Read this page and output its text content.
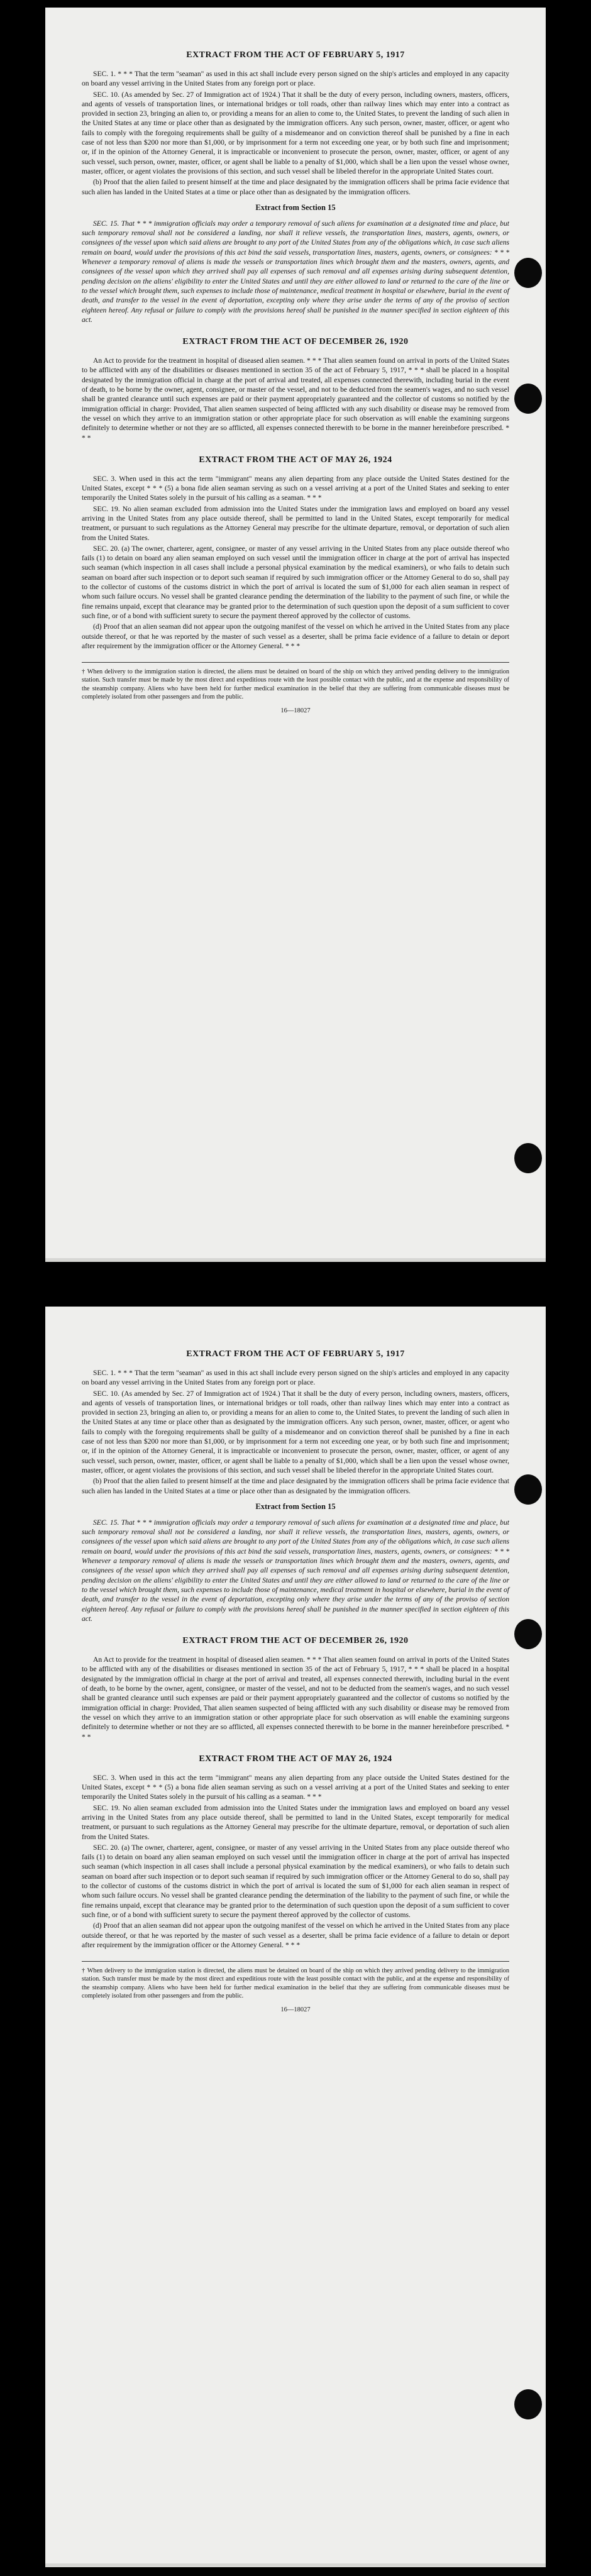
EXTRACT FROM THE ACT OF FEBRUARY 5, 1917

SEC. 1. * * * That the term "seaman" as used in this act shall include every person signed on the ship's articles and employed in any capacity on board any vessel arriving in the United States from any foreign port or place.

SEC. 10. (As amended by Sec. 27 of Immigration act of 1924.) That it shall be the duty of every person, including owners, masters, officers, and agents of vessels of transportation lines, or international bridges or toll roads, other than railway lines which may enter into a contract as provided in section 23, bringing an alien to, or providing a means for an alien to come to, the United States, to prevent the landing of such alien in the United States at any time or place other than as designated by the immigration officers. Any such person, owner, master, officer, or agent who fails to comply with the foregoing requirements shall be guilty of a misdemeanor and on conviction thereof shall be punished by a fine in each case of not less than $200 nor more than $1,000, or by imprisonment for a term not exceeding one year, or by both such fine and imprisonment; or, if in the opinion of the Attorney General, it is impracticable or inconvenient to prosecute the person, owner, master, officer, or agent of any such vessel, such person, owner, master, officer, or agent shall be liable to a penalty of $1,000, which shall be a lien upon the vessel whose owner, master, officer, or agent violates the provisions of this section, and such vessel shall be libeled therefor in the appropriate United States court.

(b) Proof that the alien failed to present himself at the time and place designated by the immigration officers shall be prima facie evidence that such alien has landed in the United States at a time or place other than as designated by the immigration officers.

Extract from Section 15

SEC. 15. That * * * immigration officials may order a temporary removal of such aliens for examination at a designated time and place, but such temporary removal shall not be considered a landing, nor shall it relieve vessels, the transportation lines, masters, agents, owners, or consignees of the vessel upon which said aliens are brought to any port of the United States from any of the obligations which, in case such aliens remain on board, would under the provisions of this act bind the said vessels, transportation lines, masters, agents, owners, or consignees: * * * Whenever a temporary removal of aliens is made the vessels or transportation lines which brought them and the masters, owners, agents, and consignees of the vessel upon which they arrived shall pay all expenses of such removal and all expenses arising during subsequent detention, pending decision on the aliens' eligibility to enter the United States and until they are either allowed to land or returned to the care of the line or to the vessel which brought them, such expenses to include those of maintenance, medical treatment in hospital or elsewhere, burial in the event of death, and transfer to the vessel in the event of deportation, excepting only where they arise under the terms of any of the proviso of section eighteen hereof. Any refusal or failure to comply with the provisions hereof shall be punished in the manner specified in section eighteen of this act.

EXTRACT FROM THE ACT OF DECEMBER 26, 1920

An Act to provide for the treatment in hospital of diseased alien seamen. * * * That alien seamen found on arrival in ports of the United States to be afflicted with any of the disabilities or diseases mentioned in section 35 of the act of February 5, 1917, * * * shall be placed in a hospital designated by the immigration official in charge at the port of arrival and treated, all expenses connected therewith, including burial in the event of death, to be borne by the owner, agent, consignee, or master of the vessel, and not to be deducted from the seamen's wages, and no such vessel shall be granted clearance until such expenses are paid or their payment appropriately guaranteed and the collector of customs so notified by the immigration official in charge: Provided, That alien seamen suspected of being afflicted with any such disability or disease may be removed from the vessel on which they arrive to an immigration station or other appropriate place for such observation as will enable the examining surgeons definitely to determine whether or not they are so afflicted, all expenses connected therewith to be borne in the manner hereinbefore prescribed. * * *

EXTRACT FROM THE ACT OF MAY 26, 1924

SEC. 3. When used in this act the term "immigrant" means any alien departing from any place outside the United States destined for the United States, except * * * (5) a bona fide alien seaman serving as such on a vessel arriving at a port of the United States and seeking to enter temporarily the United States solely in the pursuit of his calling as a seaman. * * *

SEC. 19. No alien seaman excluded from admission into the United States under the immigration laws and employed on board any vessel arriving in the United States from any place outside thereof, shall be permitted to land in the United States, except temporarily for medical treatment, or pursuant to such regulations as the Attorney General may prescribe for the ultimate departure, removal, or deportation of such alien from the United States.

SEC. 20. (a) The owner, charterer, agent, consignee, or master of any vessel arriving in the United States from any place outside thereof who fails (1) to detain on board any alien seaman employed on such vessel until the immigration officer in charge at the port of arrival has inspected such seaman (which inspection in all cases shall include a personal physical examination by the medical examiners), or who fails to detain such seaman on board after such inspection or to deport such seaman if required by such immigration officer or the Attorney General to do so, shall pay to the collector of customs of the customs district in which the port of arrival is located the sum of $1,000 for each alien seaman in respect of whom such failure occurs. No vessel shall be granted clearance pending the determination of the liability to the payment of such fine, or while the fine remains unpaid, except that clearance may be granted prior to the determination of such question upon the deposit of a sum sufficient to cover such fine, or of a bond with sufficient surety to secure the payment thereof approved by the collector of customs.

(d) Proof that an alien seaman did not appear upon the outgoing manifest of the vessel on which he arrived in the United States from any place outside thereof, or that he was reported by the master of such vessel as a deserter, shall be prima facie evidence of a failure to detain or deport after requirement by the immigration officer or the Attorney General. * * *

† When delivery to the immigration station is directed, the aliens must be detained on board of the ship on which they arrived pending delivery to the immigration station. Such transfer must be made by the most direct and expeditious route with the least possible contact with the public, and at the expense and responsibility of the steamship company. Aliens who have been held for further medical examination in the belief that they are suffering from communicable diseases must be completely isolated from other passengers and from the public.
16—18027
EXTRACT FROM THE ACT OF FEBRUARY 5, 1917

SEC. 1. * * * That the term "seaman" as used in this act shall include every person signed on the ship's articles and employed in any capacity on board any vessel arriving in the United States from any foreign port or place.

SEC. 10. (As amended by Sec. 27 of Immigration act of 1924.) That it shall be the duty of every person, including owners, masters, officers, and agents of vessels of transportation lines, or international bridges or toll roads, other than railway lines which may enter into a contract as provided in section 23, bringing an alien to, or providing a means for an alien to come to, the United States, to prevent the landing of such alien in the United States at any time or place other than as designated by the immigration officers. Any such person, owner, master, officer, or agent who fails to comply with the foregoing requirements shall be guilty of a misdemeanor and on conviction thereof shall be punished by a fine in each case of not less than $200 nor more than $1,000, or by imprisonment for a term not exceeding one year, or by both such fine and imprisonment; or, if in the opinion of the Attorney General, it is impracticable or inconvenient to prosecute the person, owner, master, officer, or agent of any such vessel, such person, owner, master, officer, or agent shall be liable to a penalty of $1,000, which shall be a lien upon the vessel whose owner, master, officer, or agent violates the provisions of this section, and such vessel shall be libeled therefor in the appropriate United States court.

(b) Proof that the alien failed to present himself at the time and place designated by the immigration officers shall be prima facie evidence that such alien has landed in the United States at a time or place other than as designated by the immigration officers.

Extract from Section 15

SEC. 15. That * * * immigration officials may order a temporary removal of such aliens for examination at a designated time and place, but such temporary removal shall not be considered a landing, nor shall it relieve vessels, the transportation lines, masters, agents, owners, or consignees of the vessel upon which said aliens are brought to any port of the United States from any of the obligations which, in case such aliens remain on board, would under the provisions of this act bind the said vessels, transportation lines, masters, agents, owners, or consignees: * * * Whenever a temporary removal of aliens is made the vessels or transportation lines which brought them and the masters, owners, agents, and consignees of the vessel upon which they arrived shall pay all expenses of such removal and all expenses arising during subsequent detention, pending decision on the aliens' eligibility to enter the United States and until they are either allowed to land or returned to the care of the line or to the vessel which brought them, such expenses to include those of maintenance, medical treatment in hospital or elsewhere, burial in the event of death, and transfer to the vessel in the event of deportation, excepting only where they arise under the terms of any of the proviso of section eighteen hereof. Any refusal or failure to comply with the provisions hereof shall be punished in the manner specified in section eighteen of this act.

EXTRACT FROM THE ACT OF DECEMBER 26, 1920

An Act to provide for the treatment in hospital of diseased alien seamen. * * * That alien seamen found on arrival in ports of the United States to be afflicted with any of the disabilities or diseases mentioned in section 35 of the act of February 5, 1917, * * * shall be placed in a hospital designated by the immigration official in charge at the port of arrival and treated, all expenses connected therewith, including burial in the event of death, to be borne by the owner, agent, consignee, or master of the vessel, and not to be deducted from the seamen's wages, and no such vessel shall be granted clearance until such expenses are paid or their payment appropriately guaranteed and the collector of customs so notified by the immigration official in charge: Provided, That alien seamen suspected of being afflicted with any such disability or disease may be removed from the vessel on which they arrive to an immigration station or other appropriate place for such observation as will enable the examining surgeons definitely to determine whether or not they are so afflicted, all expenses connected therewith to be borne in the manner hereinbefore prescribed. * * *

EXTRACT FROM THE ACT OF MAY 26, 1924

SEC. 3. When used in this act the term "immigrant" means any alien departing from any place outside the United States destined for the United States, except * * * (5) a bona fide alien seaman serving as such on a vessel arriving at a port of the United States and seeking to enter temporarily the United States solely in the pursuit of his calling as a seaman. * * *

SEC. 19. No alien seaman excluded from admission into the United States under the immigration laws and employed on board any vessel arriving in the United States from any place outside thereof, shall be permitted to land in the United States, except temporarily for medical treatment, or pursuant to such regulations as the Attorney General may prescribe for the ultimate departure, removal, or deportation of such alien from the United States.

SEC. 20. (a) The owner, charterer, agent, consignee, or master of any vessel arriving in the United States from any place outside thereof who fails (1) to detain on board any alien seaman employed on such vessel until the immigration officer in charge at the port of arrival has inspected such seaman (which inspection in all cases shall include a personal physical examination by the medical examiners), or who fails to detain such seaman on board after such inspection or to deport such seaman if required by such immigration officer or the Attorney General to do so, shall pay to the collector of customs of the customs district in which the port of arrival is located the sum of $1,000 for each alien seaman in respect of whom such failure occurs. No vessel shall be granted clearance pending the determination of the liability to the payment of such fine, or while the fine remains unpaid, except that clearance may be granted prior to the determination of such question upon the deposit of a sum sufficient to cover such fine, or of a bond with sufficient surety to secure the payment thereof approved by the collector of customs.

(d) Proof that an alien seaman did not appear upon the outgoing manifest of the vessel on which he arrived in the United States from any place outside thereof, or that he was reported by the master of such vessel as a deserter, shall be prima facie evidence of a failure to detain or deport after requirement by the immigration officer or the Attorney General. * * *

† When delivery to the immigration station is directed, the aliens must be detained on board of the ship on which they arrived pending delivery to the immigration station. Such transfer must be made by the most direct and expeditious route with the least possible contact with the public, and at the expense and responsibility of the steamship company. Aliens who have been held for further medical examination in the belief that they are suffering from communicable diseases must be completely isolated from other passengers and from the public.
16—18027
